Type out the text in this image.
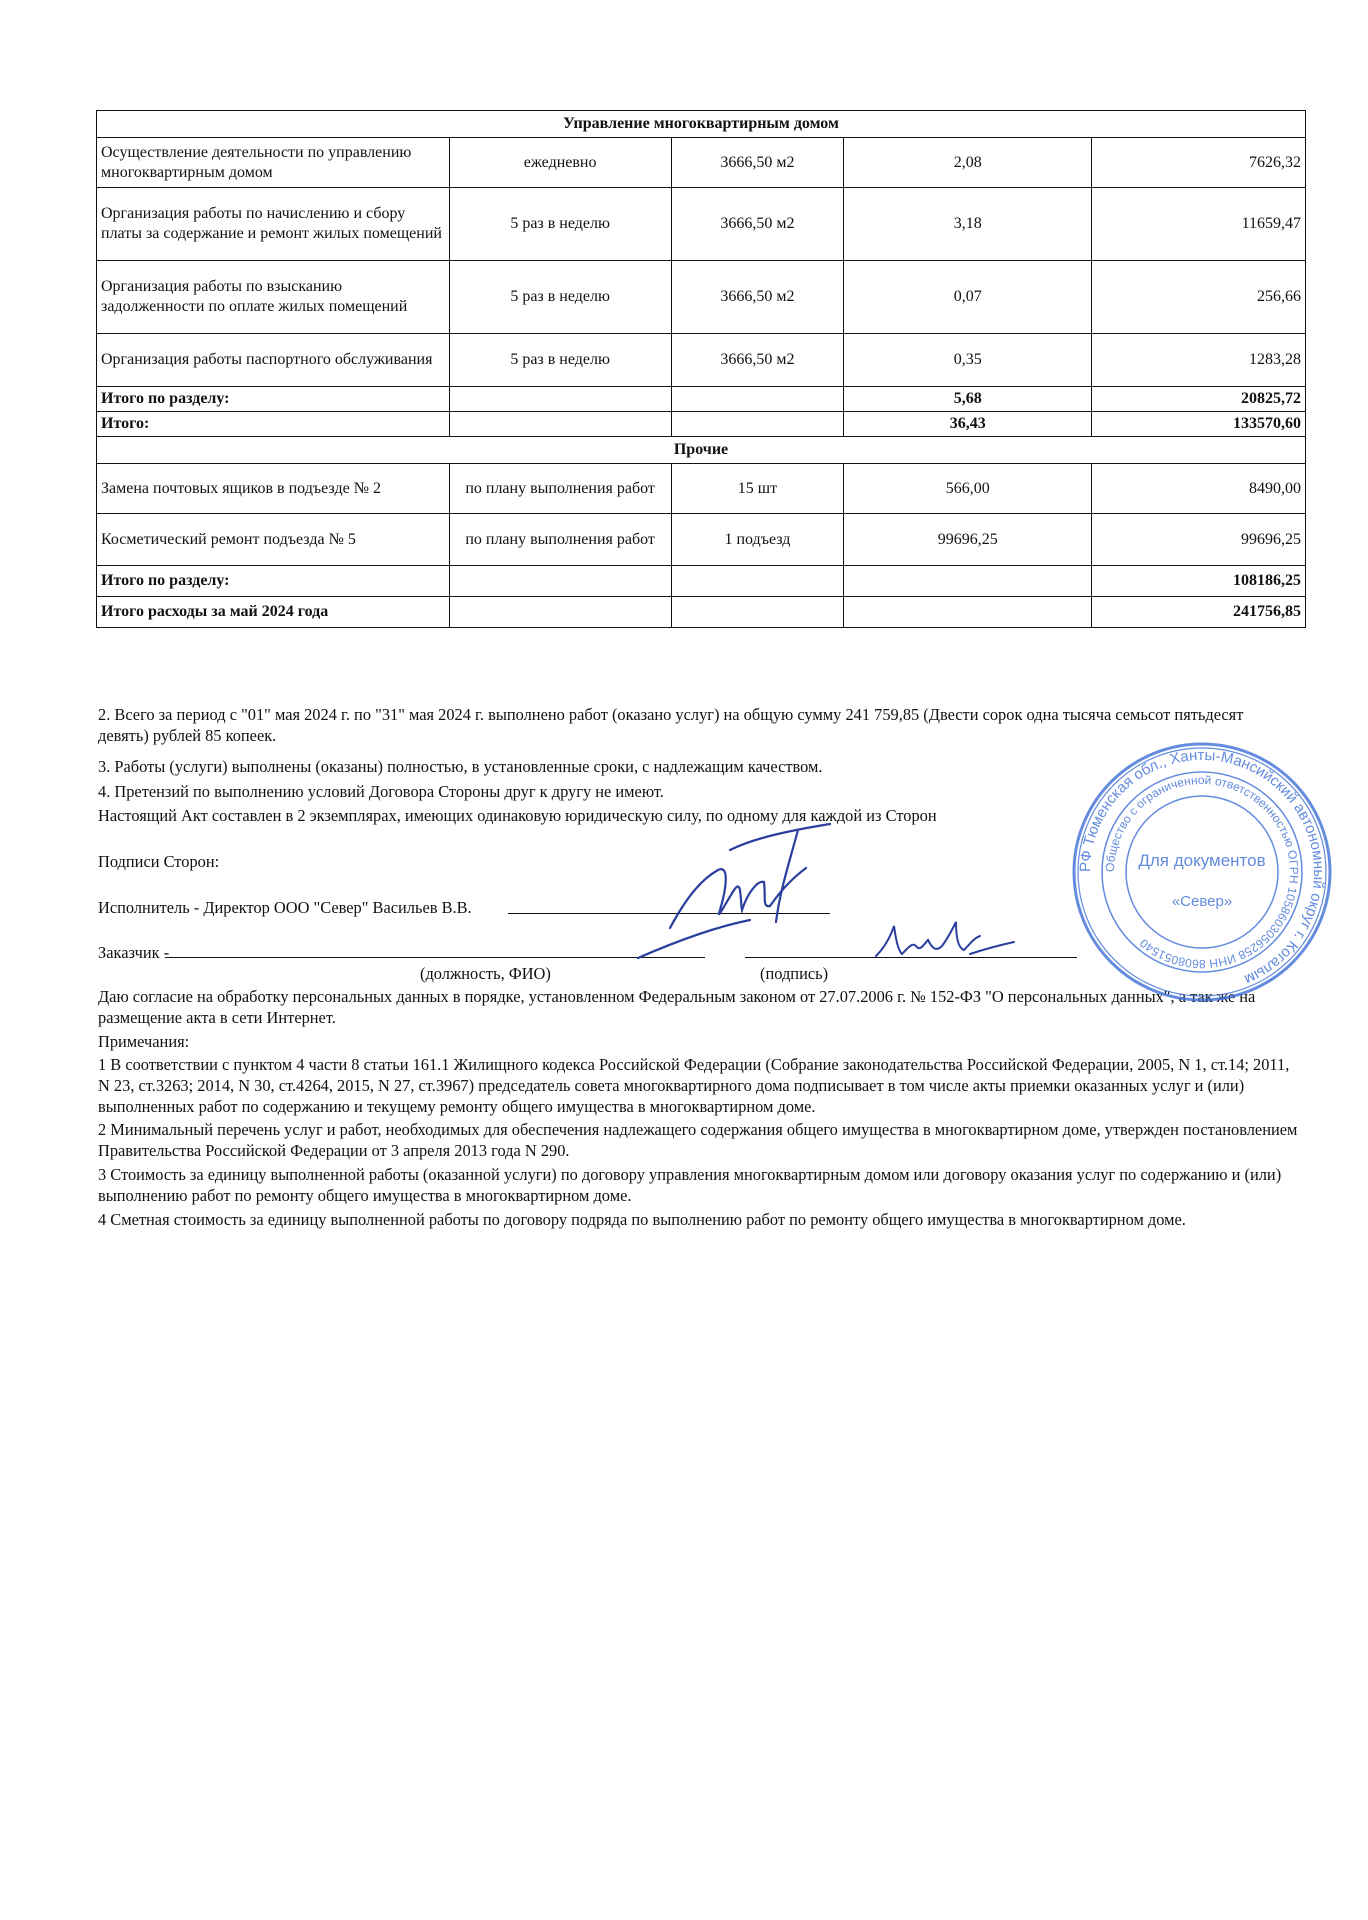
Управление многоквартирным домом				
Осуществление деятельности по управлению многоквартирным домом	ежедневно	3666,50 м2	2,08	7626,32
Организация работы по начислению и сбору платы за содержание и ремонт жилых помещений	5 раз в неделю	3666,50 м2	3,18	11659,47
Организация работы по взысканию задолженности по оплате жилых помещений	5 раз в неделю	3666,50 м2	0,07	256,66
Организация работы паспортного обслуживания	5 раз в неделю	3666,50 м2	0,35	1283,28
Итого по разделу:			5,68	20825,72
Итого:			36,43	133570,60
Прочие				
Замена почтовых ящиков в подъезде № 2	по плану выполнения работ	15 шт	566,00	8490,00
Косметический ремонт подъезда № 5	по плану выполнения работ	1 подъезд	99696,25	99696,25
Итого по разделу:				108186,25
Итого расходы за май 2024 года				241756,85
2. Всего за период с "01" мая 2024 г. по "31" мая 2024 г. выполнено работ (оказано услуг) на общую сумму 241 759,85 (Двести сорок одна тысяча семьсот пятьдесят девять) рублей 85 копеек.
3. Работы (услуги) выполнены (оказаны) полностью, в установленные сроки, с надлежащим качеством.
4. Претензий по выполнению условий Договора Стороны друг к другу не имеют.
Настоящий Акт составлен в 2 экземплярах, имеющих одинаковую юридическую силу, по одному для каждой из Сторон
Подписи Сторон:
Исполнитель - Директор ООО "Север" Васильев В.В.
Заказчик -
(должность, ФИО)	(подпись)
Даю согласие на обработку персональных данных в порядке, установленном Федеральным законом от 27.07.2006 г. № 152-ФЗ "О персональных данных", а так же на размещение акта в сети Интернет.
Примечания:
1 В соответствии с пунктом 4 части 8 статьи 161.1 Жилищного кодекса Российской Федерации (Собрание законодательства Российской Федерации, 2005, N 1, ст.14; 2011, N 23, ст.3263; 2014, N 30, ст.4264, 2015, N 27, ст.3967) председатель совета многоквартирного дома подписывает в том числе акты приемки оказанных услуг и (или) выполненных работ по содержанию и текущему ремонту общего имущества в многоквартирном доме.
2 Минимальный перечень услуг и работ, необходимых для обеспечения надлежащего содержания общего имущества в многоквартирном доме, утвержден постановлением Правительства Российской Федерации от 3 апреля 2013 года N 290.
3 Стоимость за единицу выполненной работы (оказанной услуги) по договору управления многоквартирным домом или договору оказания услуг по содержанию и (или) выполнению работ по ремонту общего имущества в многоквартирном доме.
4 Сметная стоимость за единицу выполненной работы по договору подряда по выполнению работ по ремонту общего имущества в многоквартирном доме.
РФ Тюменская обл., Ханты-Мансийский автономный округ г. Когалым
Общество с ограниченной ответственностью ОГРН 1058603056258 ИНН 8608051540
Для документов
«Север»
